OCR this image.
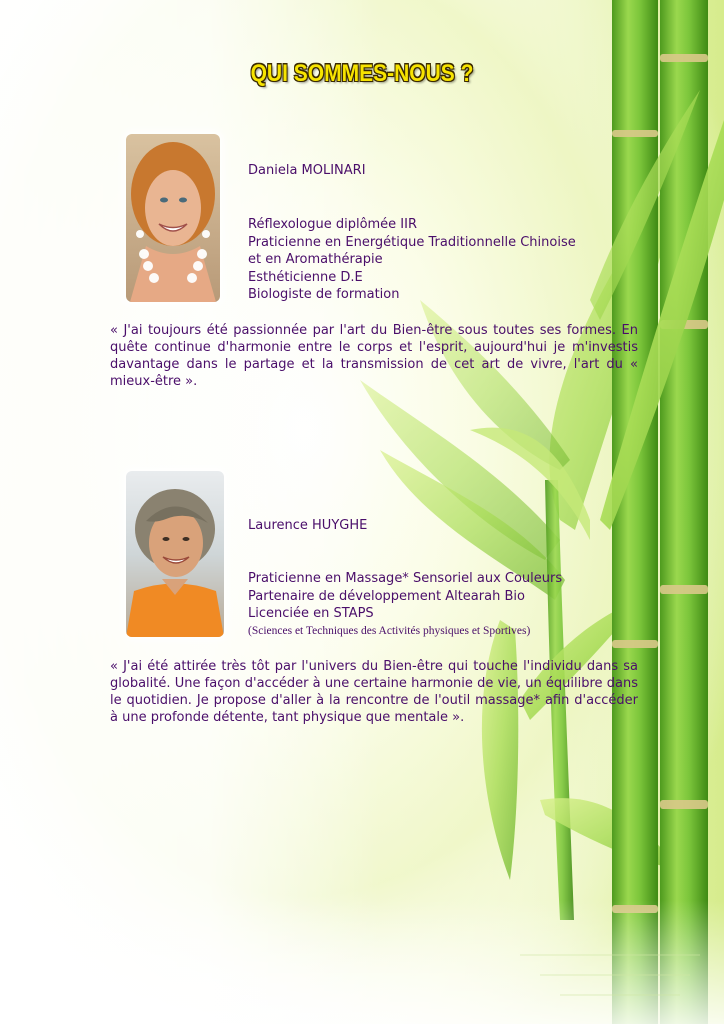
QUI SOMMES-NOUS ?
Daniela MOLINARI
Réflexologue diplômée IIR
Praticienne en Energétique Traditionnelle Chinoise
et en Aromathérapie
Esthéticienne D.E
Biologiste de formation

« J'ai toujours été passionnée par l'art du Bien-être sous toutes ses formes. En quête continue d'harmonie entre le corps et l'esprit, aujourd'hui je m'investis davantage dans le partage et la transmission de cet art de vivre, l'art du « mieux-être ».

Laurence HUYGHE
Praticienne en Massage* Sensoriel aux Couleurs
Partenaire de développement Altearah Bio
Licenciée en STAPS
(Sciences et Techniques des Activités physiques et Sportives)

« J'ai été attirée très tôt par l'univers du Bien-être qui touche l'individu dans sa globalité. Une façon d'accéder à une certaine harmonie de vie, un équilibre dans le quotidien. Je propose d'aller à la rencontre de l'outil massage* afin d'accéder à une profonde détente, tant physique que mentale ».
